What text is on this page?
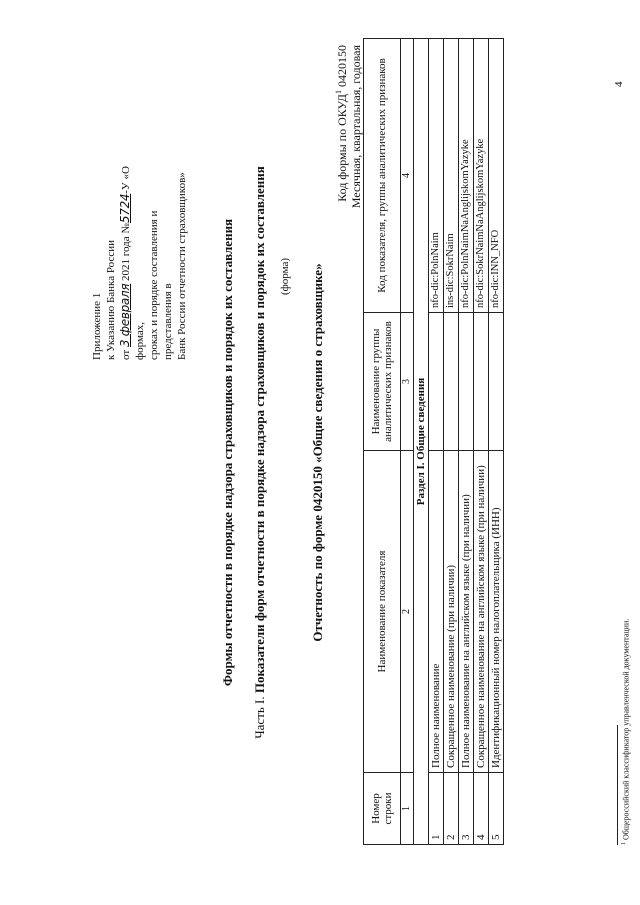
Приложение 1 к Указанию Банка России от 3 февраля 2021 года №5724-У «О формах, сроках и порядке составления и представления в Банк России отчетности страховщиков» Формы отчетности в порядке надзора страховщиков и порядок их составления
Часть I. Показатели форм отчетности в порядке надзора страховщиков и порядок их составления (форма) Отчетность по форме 0420150 «Общие сведения о страховщике»
Код формы по ОКУД$^1$ 0420150 Месячная, квартальная, годовая
Номер строки	Наименование показателя	Наименование группы аналитических признаков	Код показателя, группы аналитических признаков
1	2	3	4
Раздел I. Общие сведения			
1	Полное наименование		nfo-dic:PolnNaim
2	Сокращенное наименование (при наличии)		ins-dic:SokrNaim
3	Полное наименование на английском языке (при наличии)		nfo-dic:PolnNaimNaAnglijskomYazyke
4	Сокращенное наименование на английском языке (при наличии)		nfo-dic:SokrNaimNaAnglijskomYazyke
5	Идентификационный номер налогоплательщика (ИНН)		nfo-dic:INN_NFO
$^1$ Общероссийский классификатор управленческой документации.
4
